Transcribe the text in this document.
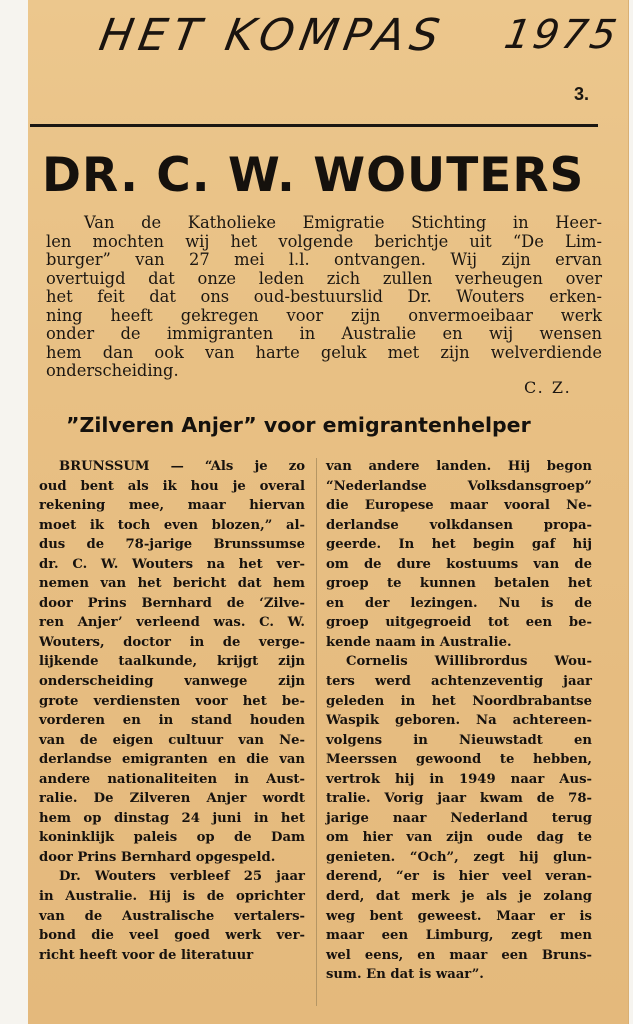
HET KOMPAS 1975
3.
DR. C. W. WOUTERS
Van de Katholieke Emigratie Stichting in Heer-
len mochten wij het volgende berichtje uit “De Lim-
burger” van 27 mei l.l. ontvangen. Wij zijn ervan
overtuigd dat onze leden zich zullen verheugen over
het feit dat ons oud-bestuurslid Dr. Wouters erken-
ning heeft gekregen voor zijn onvermoeibaar werk
onder de immigranten in Australie en wij wensen
hem dan ook van harte geluk met zijn welverdiende
onderscheiding.
C. Z.
”Zilveren Anjer” voor emigrantenhelper
BRUNSSUM — “Als je zo
oud bent als ik hou je overal
rekening mee, maar hiervan
moet ik toch even blozen,” al-
dus de 78-jarige Brunssumse
dr. C. W. Wouters na het ver-
nemen van het bericht dat hem
door Prins Bernhard de ‘Zilve-
ren Anjer’ verleend was. C. W.
Wouters, doctor in de verge-
lijkende taalkunde, krijgt zijn
onderscheiding vanwege zijn
grote verdiensten voor het be-
vorderen en in stand houden
van de eigen cultuur van Ne-
derlandse emigranten en die van
andere nationaliteiten in Aust-
ralie. De Zilveren Anjer wordt
hem op dinstag 24 juni in het
koninklijk paleis op de Dam
door Prins Bernhard opgespeld.
Dr. Wouters verbleef 25 jaar
in Australie. Hij is de oprichter
van de Australische vertalers-
bond die veel goed werk ver-
richt heeft voor de literatuur
van andere landen. Hij begon
“Nederlandse Volksdansgroep”
die Europese maar vooral Ne-
derlandse volkdansen propa-
geerde. In het begin gaf hij
om de dure kostuums van de
groep te kunnen betalen het
en der lezingen. Nu is de
groep uitgegroeid tot een be-
kende naam in Australie.
Cornelis Willibrordus Wou-
ters werd achtenzeventig jaar
geleden in het Noordbrabantse
Waspik geboren. Na achtereen-
volgens in Nieuwstadt en
Meerssen gewoond te hebben,
vertrok hij in 1949 naar Aus-
tralie. Vorig jaar kwam de 78-
jarige naar Nederland terug
om hier van zijn oude dag te
genieten. “Och”, zegt hij glun-
derend, “er is hier veel veran-
derd, dat merk je als je zolang
weg bent geweest. Maar er is
maar een Limburg, zegt men
wel eens, en maar een Bruns-
sum. En dat is waar”.
